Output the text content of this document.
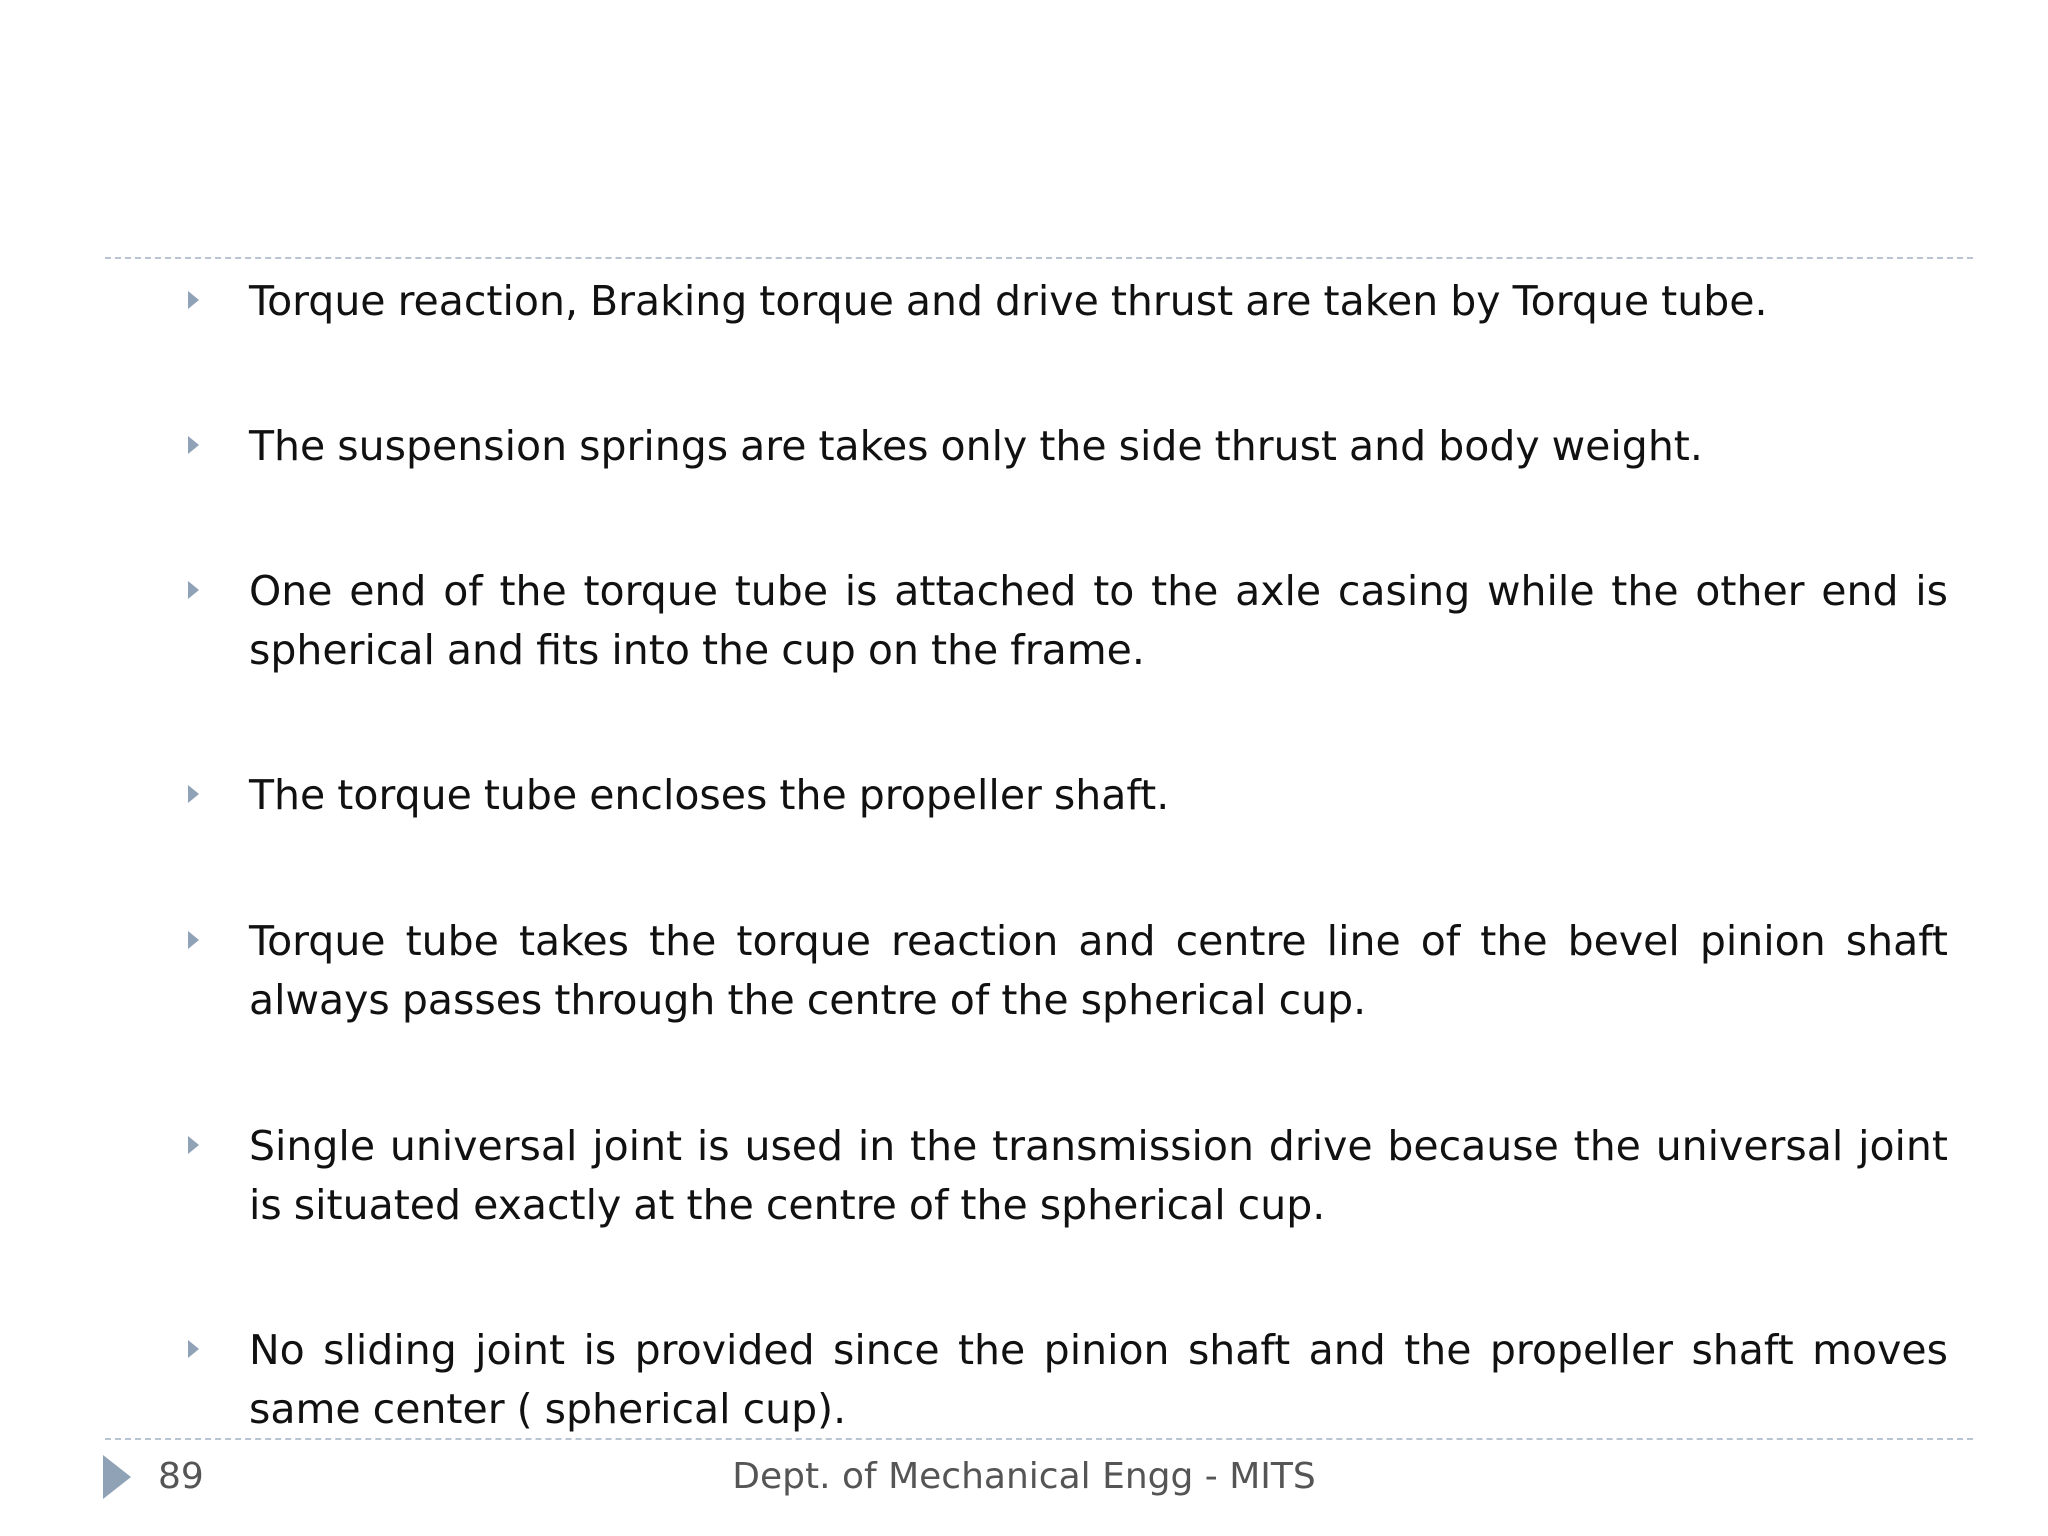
Torque reaction, Braking torque and drive thrust are taken by Torque tube.
The suspension springs are takes only the side thrust and body weight.
One end of the torque tube is attached to the axle casing while the other end is spherical and fits into the cup on the frame.
The torque tube encloses the propeller shaft.
Torque tube takes the torque reaction and centre line of the bevel pinion shaft always passes through the centre of the spherical cup.
Single universal joint is used in the transmission drive because the universal joint is situated exactly at the centre of the spherical cup.
No sliding joint is provided since the pinion shaft and the propeller shaft moves same center ( spherical cup).
89	Dept. of Mechanical Engg - MITS
